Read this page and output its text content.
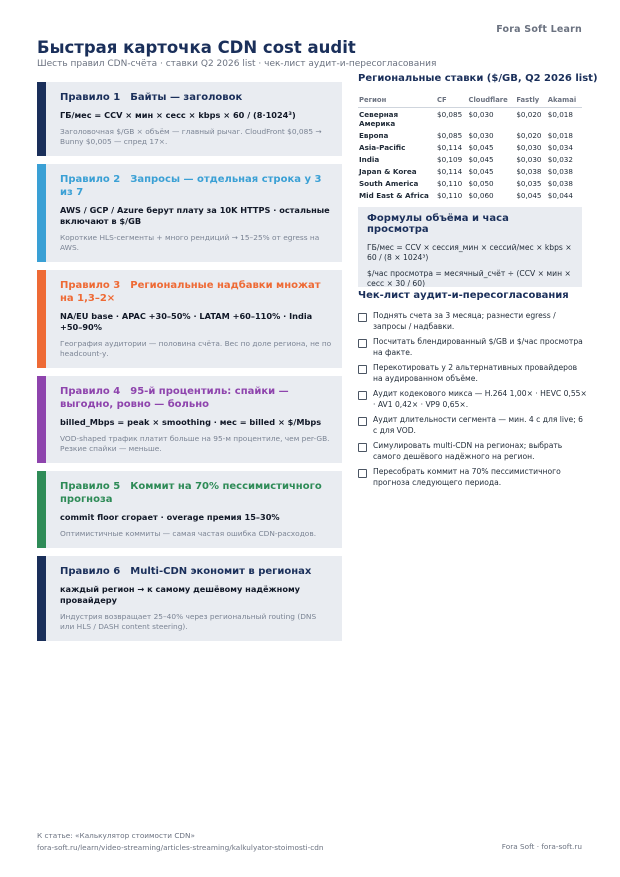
Fora Soft Learn
Быстрая карточка CDN cost audit
Шесть правил CDN-счёта · ставки Q2 2026 list · чек-лист аудит-и-пересогласования
Правило 1 Байты — заголовок
ГБ/мес = CCV × мин × сесс × kbps × 60 / (8·1024³)
Заголовочная $/GB × объём — главный рычаг. CloudFront $0,085 → Bunny $0,005 — спред 17×.
Правило 2 Запросы — отдельная строка у 3 из 7
AWS / GCP / Azure берут плату за 10K HTTPS · остальные включают в $/GB
Короткие HLS-сегменты + много рендиций → 15–25% от egress на AWS.
Правило 3 Региональные надбавки множат на 1,3–2×
NA/EU base · APAC +30–50% · LATAM +60–110% · India +50–90%
География аудитории — половина счёта. Вес по доле региона, не по headcount-у.
Правило 4 95-й процентиль: спайки — выгодно, ровно — больно
billed_Mbps = peak × smoothing · мес = billed × $/Mbps
VOD-shaped трафик платит больше на 95-м процентиле, чем per-GB. Резкие спайки — меньше.
Правило 5 Коммит на 70% пессимистичного прогноза
commit floor сгорает · overage премия 15–30%
Оптимистичные коммиты — самая частая ошибка CDN-расходов.
Правило 6 Multi-CDN экономит в регионах
каждый регион → к самому дешёвому надёжному провайдеру
Индустрия возвращает 25–40% через региональный routing (DNS или HLS / DASH content steering).
Региональные ставки ($/GB, Q2 2026 list)
Регион	CF	Cloudflare	Fastly	Akamai
Северная Америка	$0,085	$0,030	$0,020	$0,018
Европа	$0,085	$0,030	$0,020	$0,018
Asia-Pacific	$0,114	$0,045	$0,030	$0,034
India	$0,109	$0,045	$0,030	$0,032
Japan & Korea	$0,114	$0,045	$0,038	$0,038
South America	$0,110	$0,050	$0,035	$0,038
Mid East & Africa	$0,110	$0,060	$0,045	$0,044
Формулы объёма и часа просмотра
ГБ/мес = CCV × сессия_мин × сессий/мес × kbps × 60 / (8 × 1024³)
$/час просмотра = месячный_счёт ÷ (CCV × мин × сесс × 30 / 60)
Чек-лист аудит-и-пересогласования
Поднять счета за 3 месяца; разнести egress / запросы / надбавки.
Посчитать блендированный $/GB и $/час просмотра на факте.
Перекотировать у 2 альтернативных провайдеров на аудированном объёме.
Аудит кодекового микса — H.264 1,00× · HEVC 0,55× · AV1 0,42× · VP9 0,65×.
Аудит длительности сегмента — мин. 4 с для live; 6 с для VOD.
Симулировать multi-CDN на регионах; выбрать самого дешёвого надёжного на регион.
Пересобрать коммит на 70% пессимистичного прогноза следующего периода.
К статье: «Калькулятор стоимости CDN»
fora-soft.ru/learn/video-streaming/articles-streaming/kalkulyator-stoimosti-cdn	Fora Soft · fora-soft.ru
